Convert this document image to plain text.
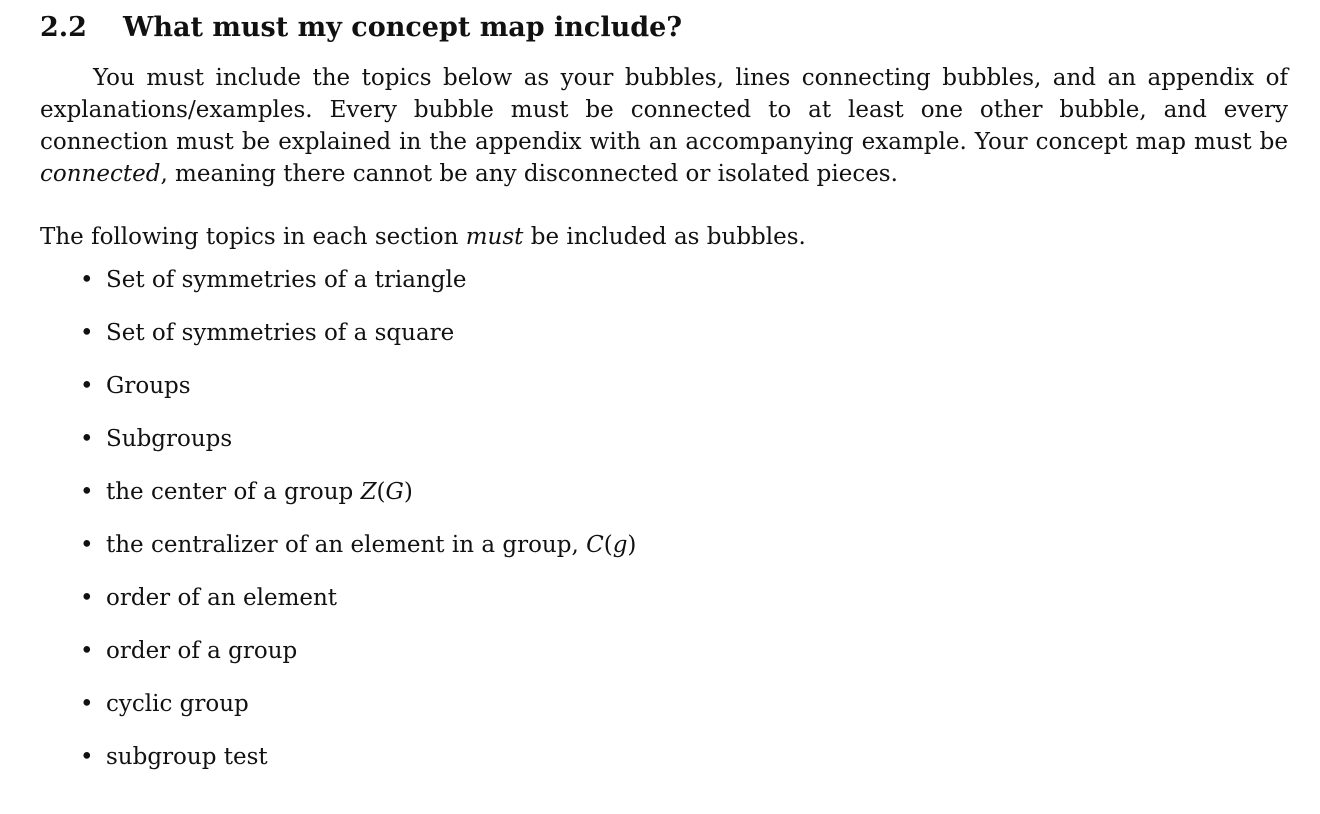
2.2	What must my concept map include?

You must include the topics below as your bubbles, lines connecting bubbles, and an appendix of explanations/examples. Every bubble must be connected to at least one other bubble, and every connection must be explained in the appendix with an accompanying example. Your concept map must be connected, meaning there cannot be any disconnected or isolated pieces.

The following topics in each section must be included as bubbles.

• Set of symmetries of a triangle
• Set of symmetries of a square
• Groups
• Subgroups
• the center of a group Z(G)
• the centralizer of an element in a group, C(g)
• order of an element
• order of a group
• cyclic group
• subgroup test
